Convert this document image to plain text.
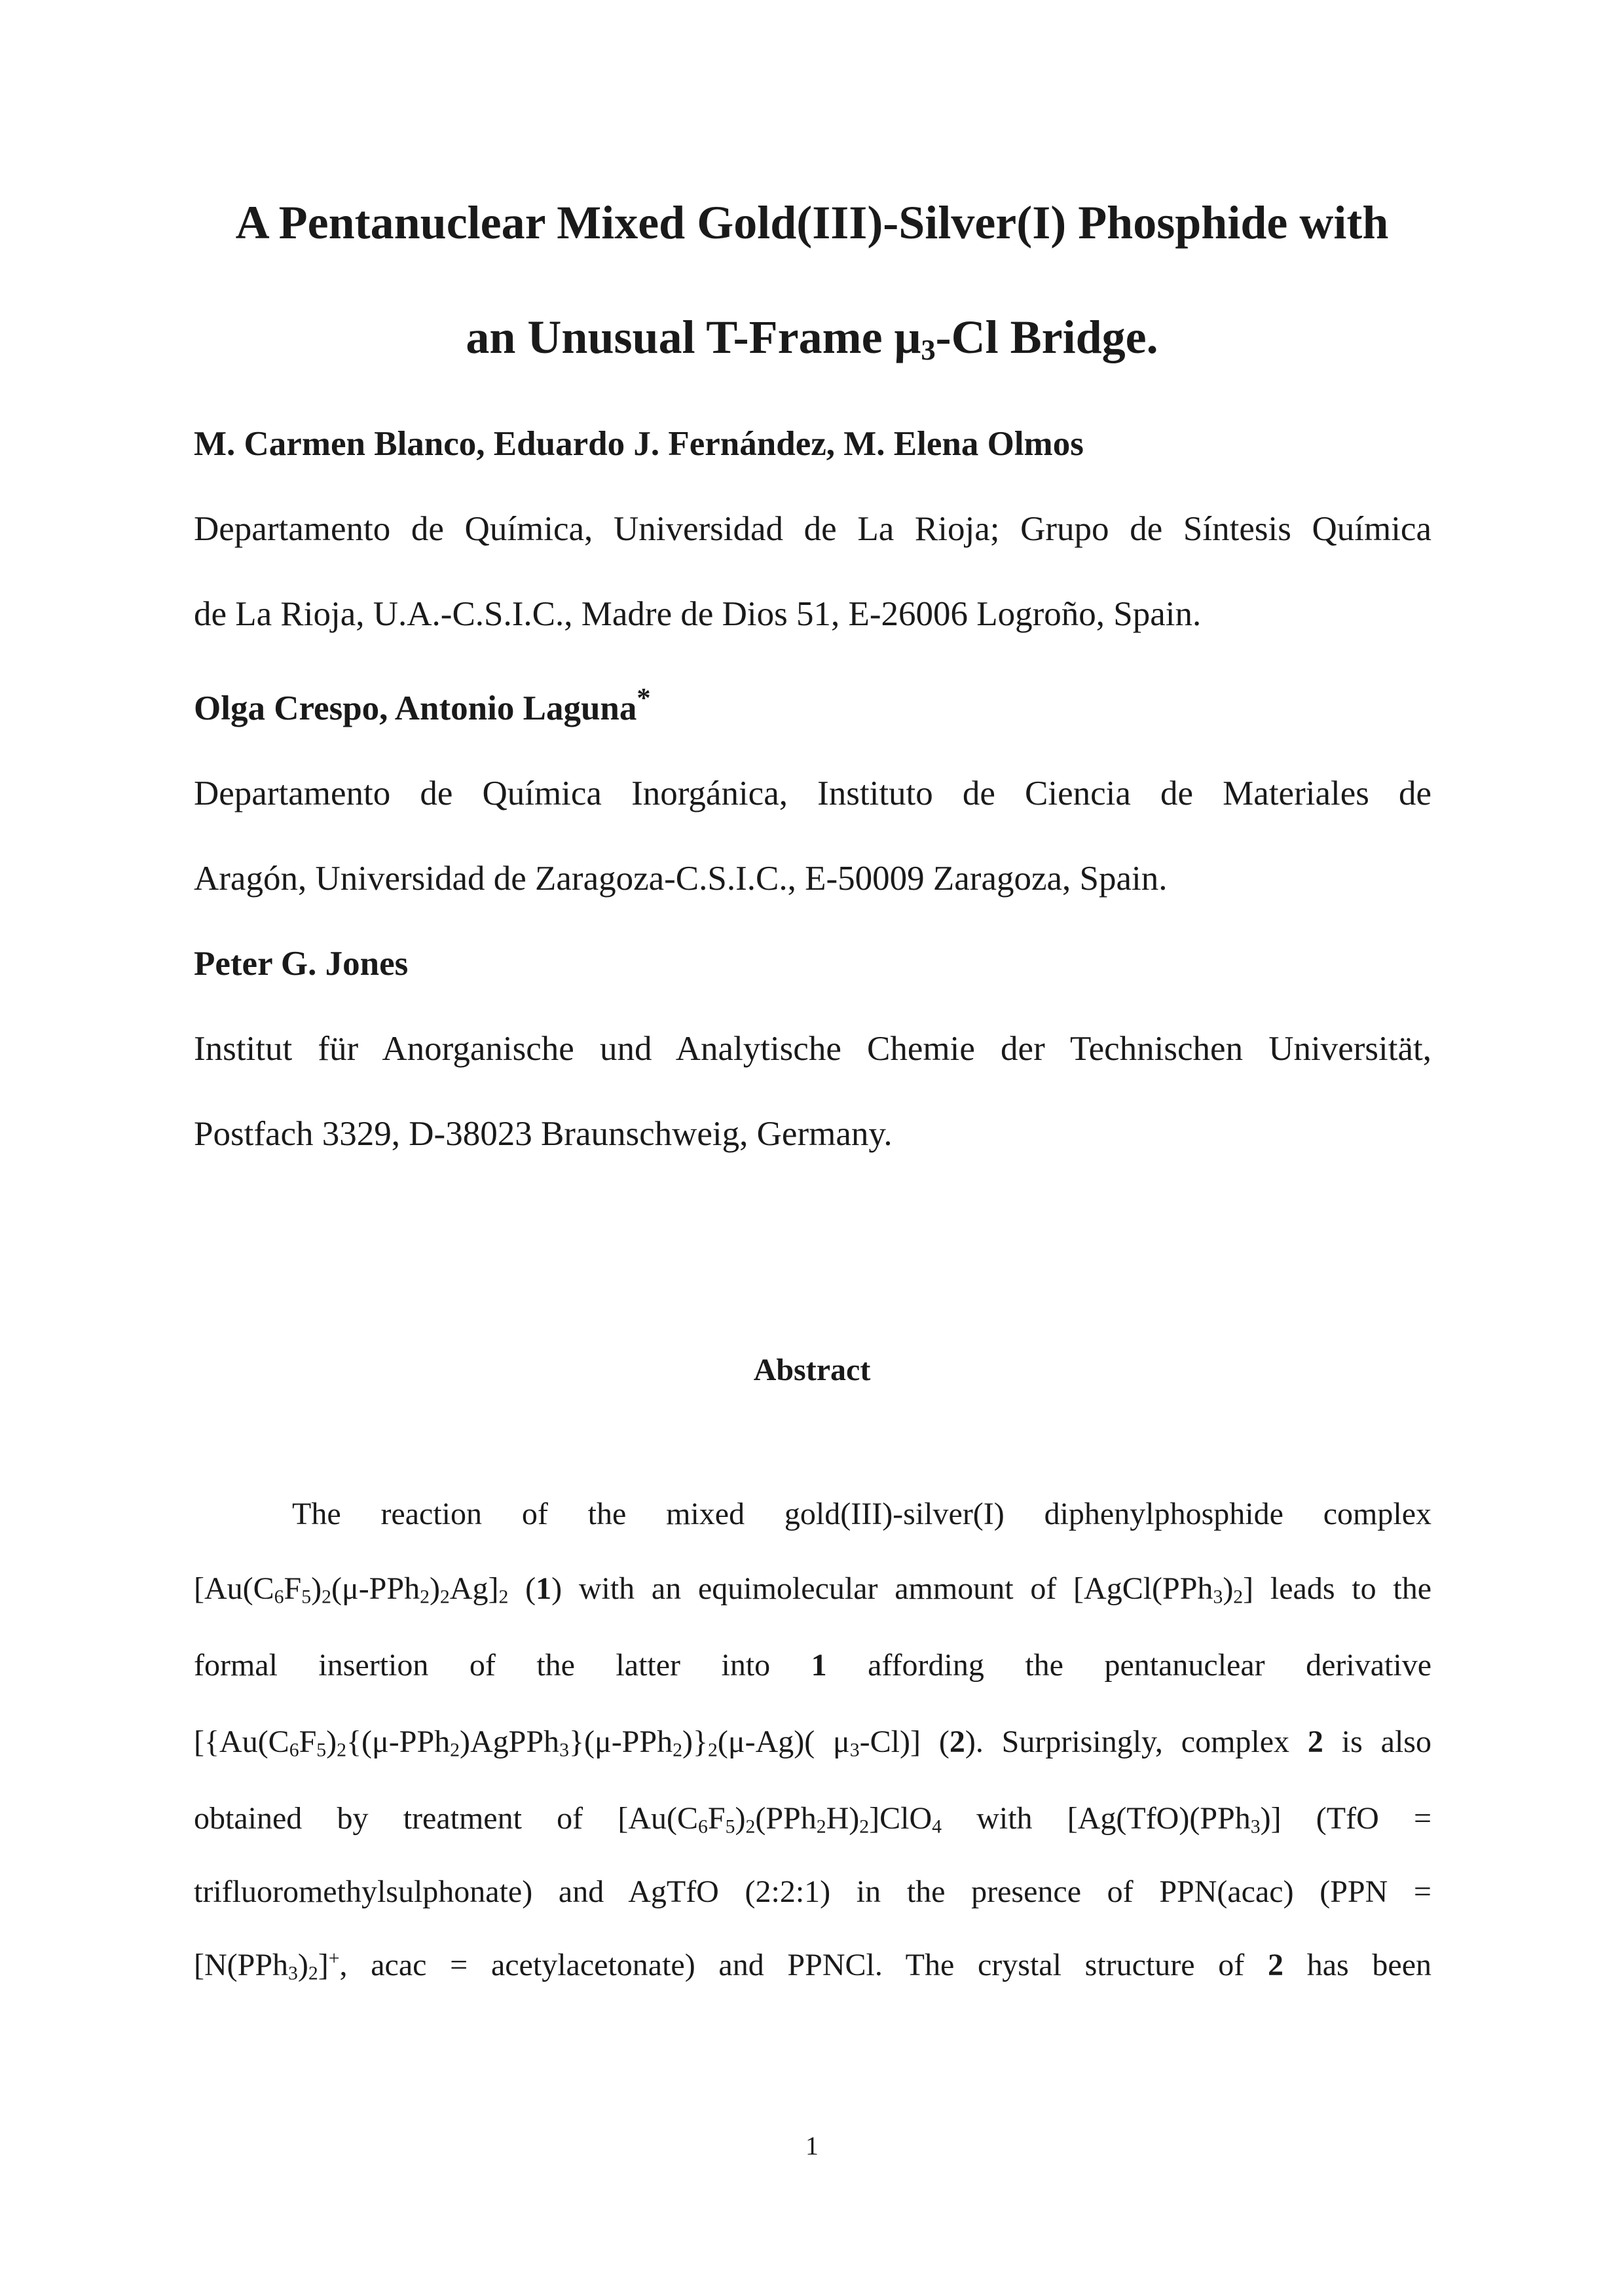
A Pentanuclear Mixed Gold(III)-Silver(I) Phosphide with
an Unusual T-Frame $\mu_3-Cl$ Bridge.
M. Carmen Blanco, Eduardo J. Fernández, M. Elena Olmos
Departamento de Química, Universidad de La Rioja; Grupo de Síntesis Química
de La Rioja, U.A.-C.S.I.C., Madre de Dios 51, E-26006 Logroño, Spain.
Olga Crespo, Antonio Laguna*
Departamento de Química Inorgánica, Instituto de Ciencia de Materiales de
Aragón, Universidad de Zaragoza-C.S.I.C., E-50009 Zaragoza, Spain.
Peter G. Jones
Institut für Anorganische und Analytische Chemie der Technischen Universität,
Postfach 3329, D-38023 Braunschweig, Germany.
Abstract
The reaction of the mixed gold(III)-silver(I) diphenylphosphide complex
$[Au(C_6F_5)_2(\mu-PPh_2)_2Ag]_2$ (1) with an equimolecular ammount of $[AgCl(PPh_3)_2]$ leads to the
formal insertion of the latter into 1 affording the pentanuclear derivative
[$\{Au(C_6F_5)_2\{(\mu-PPh_2)AgPPh_3\}(\mu-PPh_2)\}_2(\mu-Ag)$( $\mu_3-Cl$)] (2). Surprisingly, complex 2 is also
obtained by treatment of $[Au(C_6F_5)_2(PPh_2H)_2]ClO_4$ with [Ag(TfO)(PPh$_3$)] (TfO =
trifluoromethylsulphonate) and AgTfO (2:2:1) in the presence of PPN(acac) (PPN =
$[N(PPh_3)_2]^+$, acac = acetylacetonate) and PPNCl. The crystal structure of 2 has been
1
